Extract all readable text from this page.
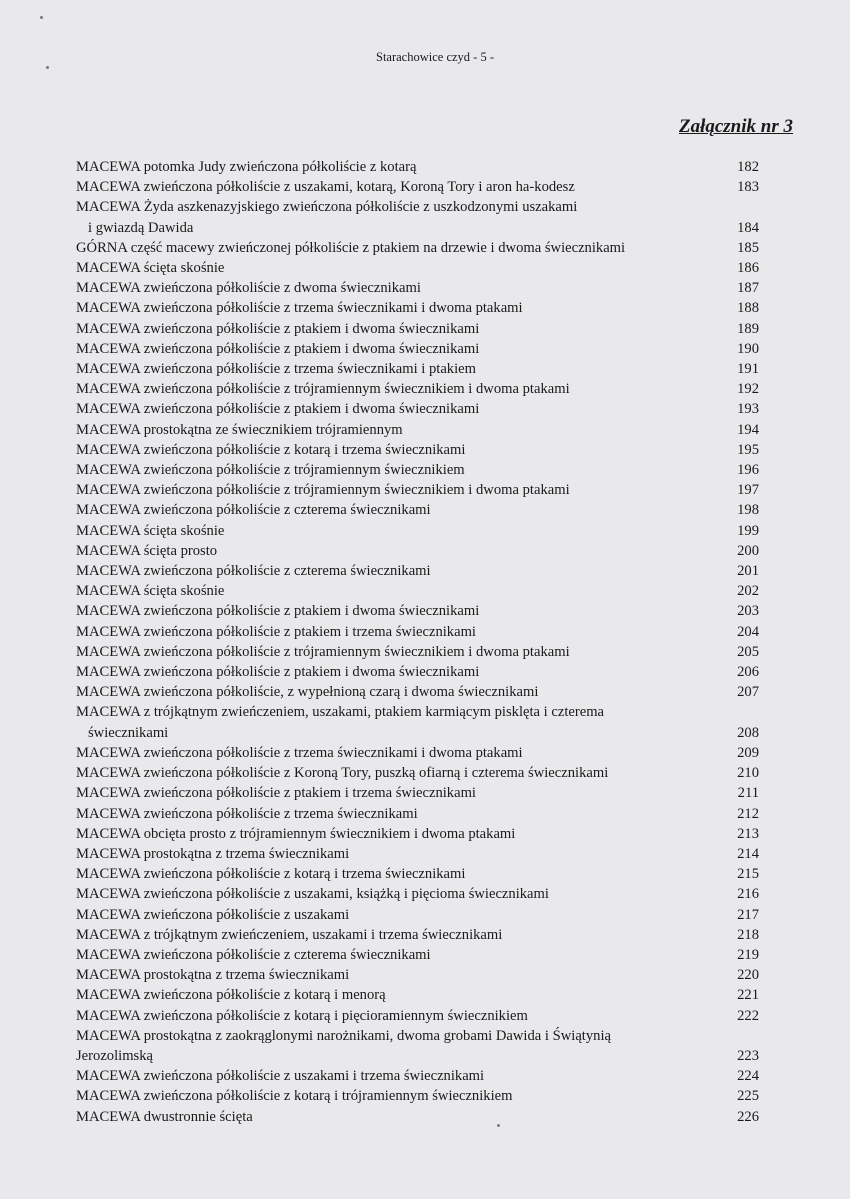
Starachowice czyd - 5 -
Załącznik nr 3
MACEWA potomka Judy zwieńczona półkoliście z kotarą	182
MACEWA zwieńczona półkoliście z uszakami, kotarą, Koroną Tory i aron ha-kodesz	183
MACEWA Żyda aszkenazyjskiego zwieńczona półkoliście z uszkodzonymi uszakami
i gwiazdą Dawida	184
GÓRNA część macewy zwieńczonej półkoliście z ptakiem na drzewie i dwoma świecznikami	185
MACEWA ścięta skośnie	186
MACEWA zwieńczona półkoliście z dwoma świecznikami	187
MACEWA zwieńczona półkoliście z trzema świecznikami i dwoma ptakami	188
MACEWA zwieńczona półkoliście z ptakiem i dwoma świecznikami	189
MACEWA zwieńczona półkoliście z ptakiem i dwoma świecznikami	190
MACEWA zwieńczona półkoliście z trzema świecznikami i ptakiem	191
MACEWA zwieńczona półkoliście z trójramiennym świecznikiem i dwoma ptakami	192
MACEWA zwieńczona półkoliście z ptakiem i dwoma świecznikami	193
MACEWA prostokątna ze świecznikiem trójramiennym	194
MACEWA zwieńczona półkoliście z kotarą i trzema świecznikami	195
MACEWA zwieńczona półkoliście z trójramiennym świecznikiem	196
MACEWA zwieńczona półkoliście z trójramiennym świecznikiem i dwoma ptakami	197
MACEWA zwieńczona półkoliście z czterema świecznikami	198
MACEWA ścięta skośnie	199
MACEWA ścięta prosto	200
MACEWA zwieńczona półkoliście z czterema świecznikami	201
MACEWA ścięta skośnie	202
MACEWA zwieńczona półkoliście z ptakiem i dwoma świecznikami	203
MACEWA zwieńczona półkoliście z ptakiem i trzema świecznikami	204
MACEWA zwieńczona półkoliście z trójramiennym świecznikiem i dwoma ptakami	205
MACEWA zwieńczona półkoliście z ptakiem i dwoma świecznikami	206
MACEWA zwieńczona półkoliście, z wypełnioną czarą i dwoma świecznikami	207
MACEWA z trójkątnym zwieńczeniem, uszakami, ptakiem karmiącym pisklęta i czterema
świecznikami	208
MACEWA zwieńczona półkoliście z trzema świecznikami i dwoma ptakami	209
MACEWA zwieńczona półkoliście z Koroną Tory, puszką ofiarną i czterema świecznikami	210
MACEWA zwieńczona półkoliście z ptakiem i trzema świecznikami	211
MACEWA zwieńczona półkoliście z trzema świecznikami	212
MACEWA obcięta prosto z trójramiennym świecznikiem i dwoma ptakami	213
MACEWA prostokątna z trzema świecznikami	214
MACEWA zwieńczona półkoliście z kotarą i trzema świecznikami	215
MACEWA zwieńczona półkoliście z uszakami, książką i pięcioma świecznikami	216
MACEWA zwieńczona półkoliście z uszakami	217
MACEWA z trójkątnym zwieńczeniem, uszakami i trzema świecznikami	218
MACEWA zwieńczona półkoliście z czterema świecznikami	219
MACEWA prostokątna z trzema świecznikami	220
MACEWA zwieńczona półkoliście z kotarą i menorą	221
MACEWA zwieńczona półkoliście z kotarą i pięcioramiennym świecznikiem	222
MACEWA prostokątna z zaokrąglonymi narożnikami, dwoma grobami Dawida i Świątynią
Jerozolimską	223
MACEWA zwieńczona półkoliście z uszakami i trzema świecznikami	224
MACEWA zwieńczona półkoliście z kotarą i trójramiennym świecznikiem	225
MACEWA dwustronnie ścięta	226
